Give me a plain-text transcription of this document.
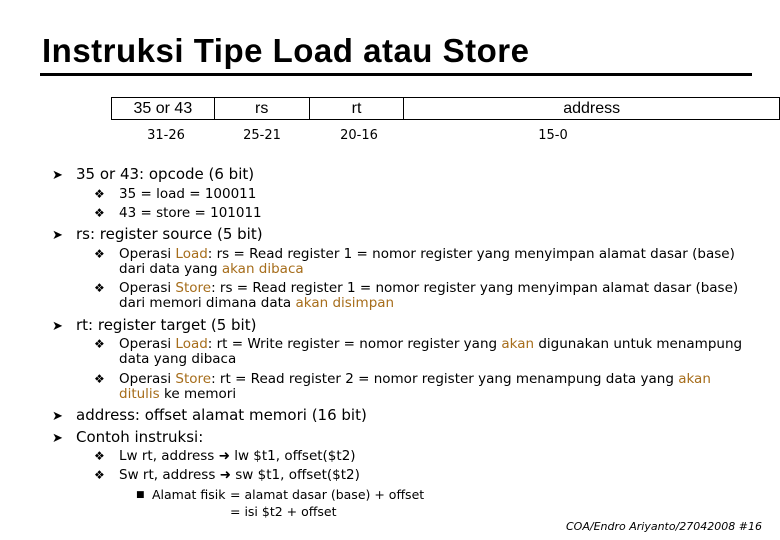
Instruksi Tipe Load atau Store
35 or 43	rs	rt	address
31-26	25-21	20-16	15-0
➤ 35 or 43: opcode (6 bit)
❖	35 = load = 100011
❖	43 = store = 101011
➤ rs: register source (5 bit)
❖	Operasi Load: rs = Read register 1 = nomor register yang menyimpan alamat dasar (base) dari data yang akan dibaca
❖	Operasi Store: rs = Read register 1 = nomor register yang menyimpan alamat dasar (base) dari memori dimana data akan disimpan
➤ rt: register target (5 bit)
❖	Operasi Load: rt = Write register = nomor register yang akan digunakan untuk menampung data yang dibaca
❖	Operasi Store: rt = Read register 2 = nomor register yang menampung data yang akan ditulis ke memori
➤ address: offset alamat memori (16 bit)
➤ Contoh instruksi:
❖	Lw rt, address ➜ lw $t1, offset($t2)
❖	Sw rt, address ➜ sw $t1, offset($t2)
■ Alamat fisik = alamat dasar (base) + offset
= isi $t2 + offset
COA/Endro Ariyanto/27042008 #16
